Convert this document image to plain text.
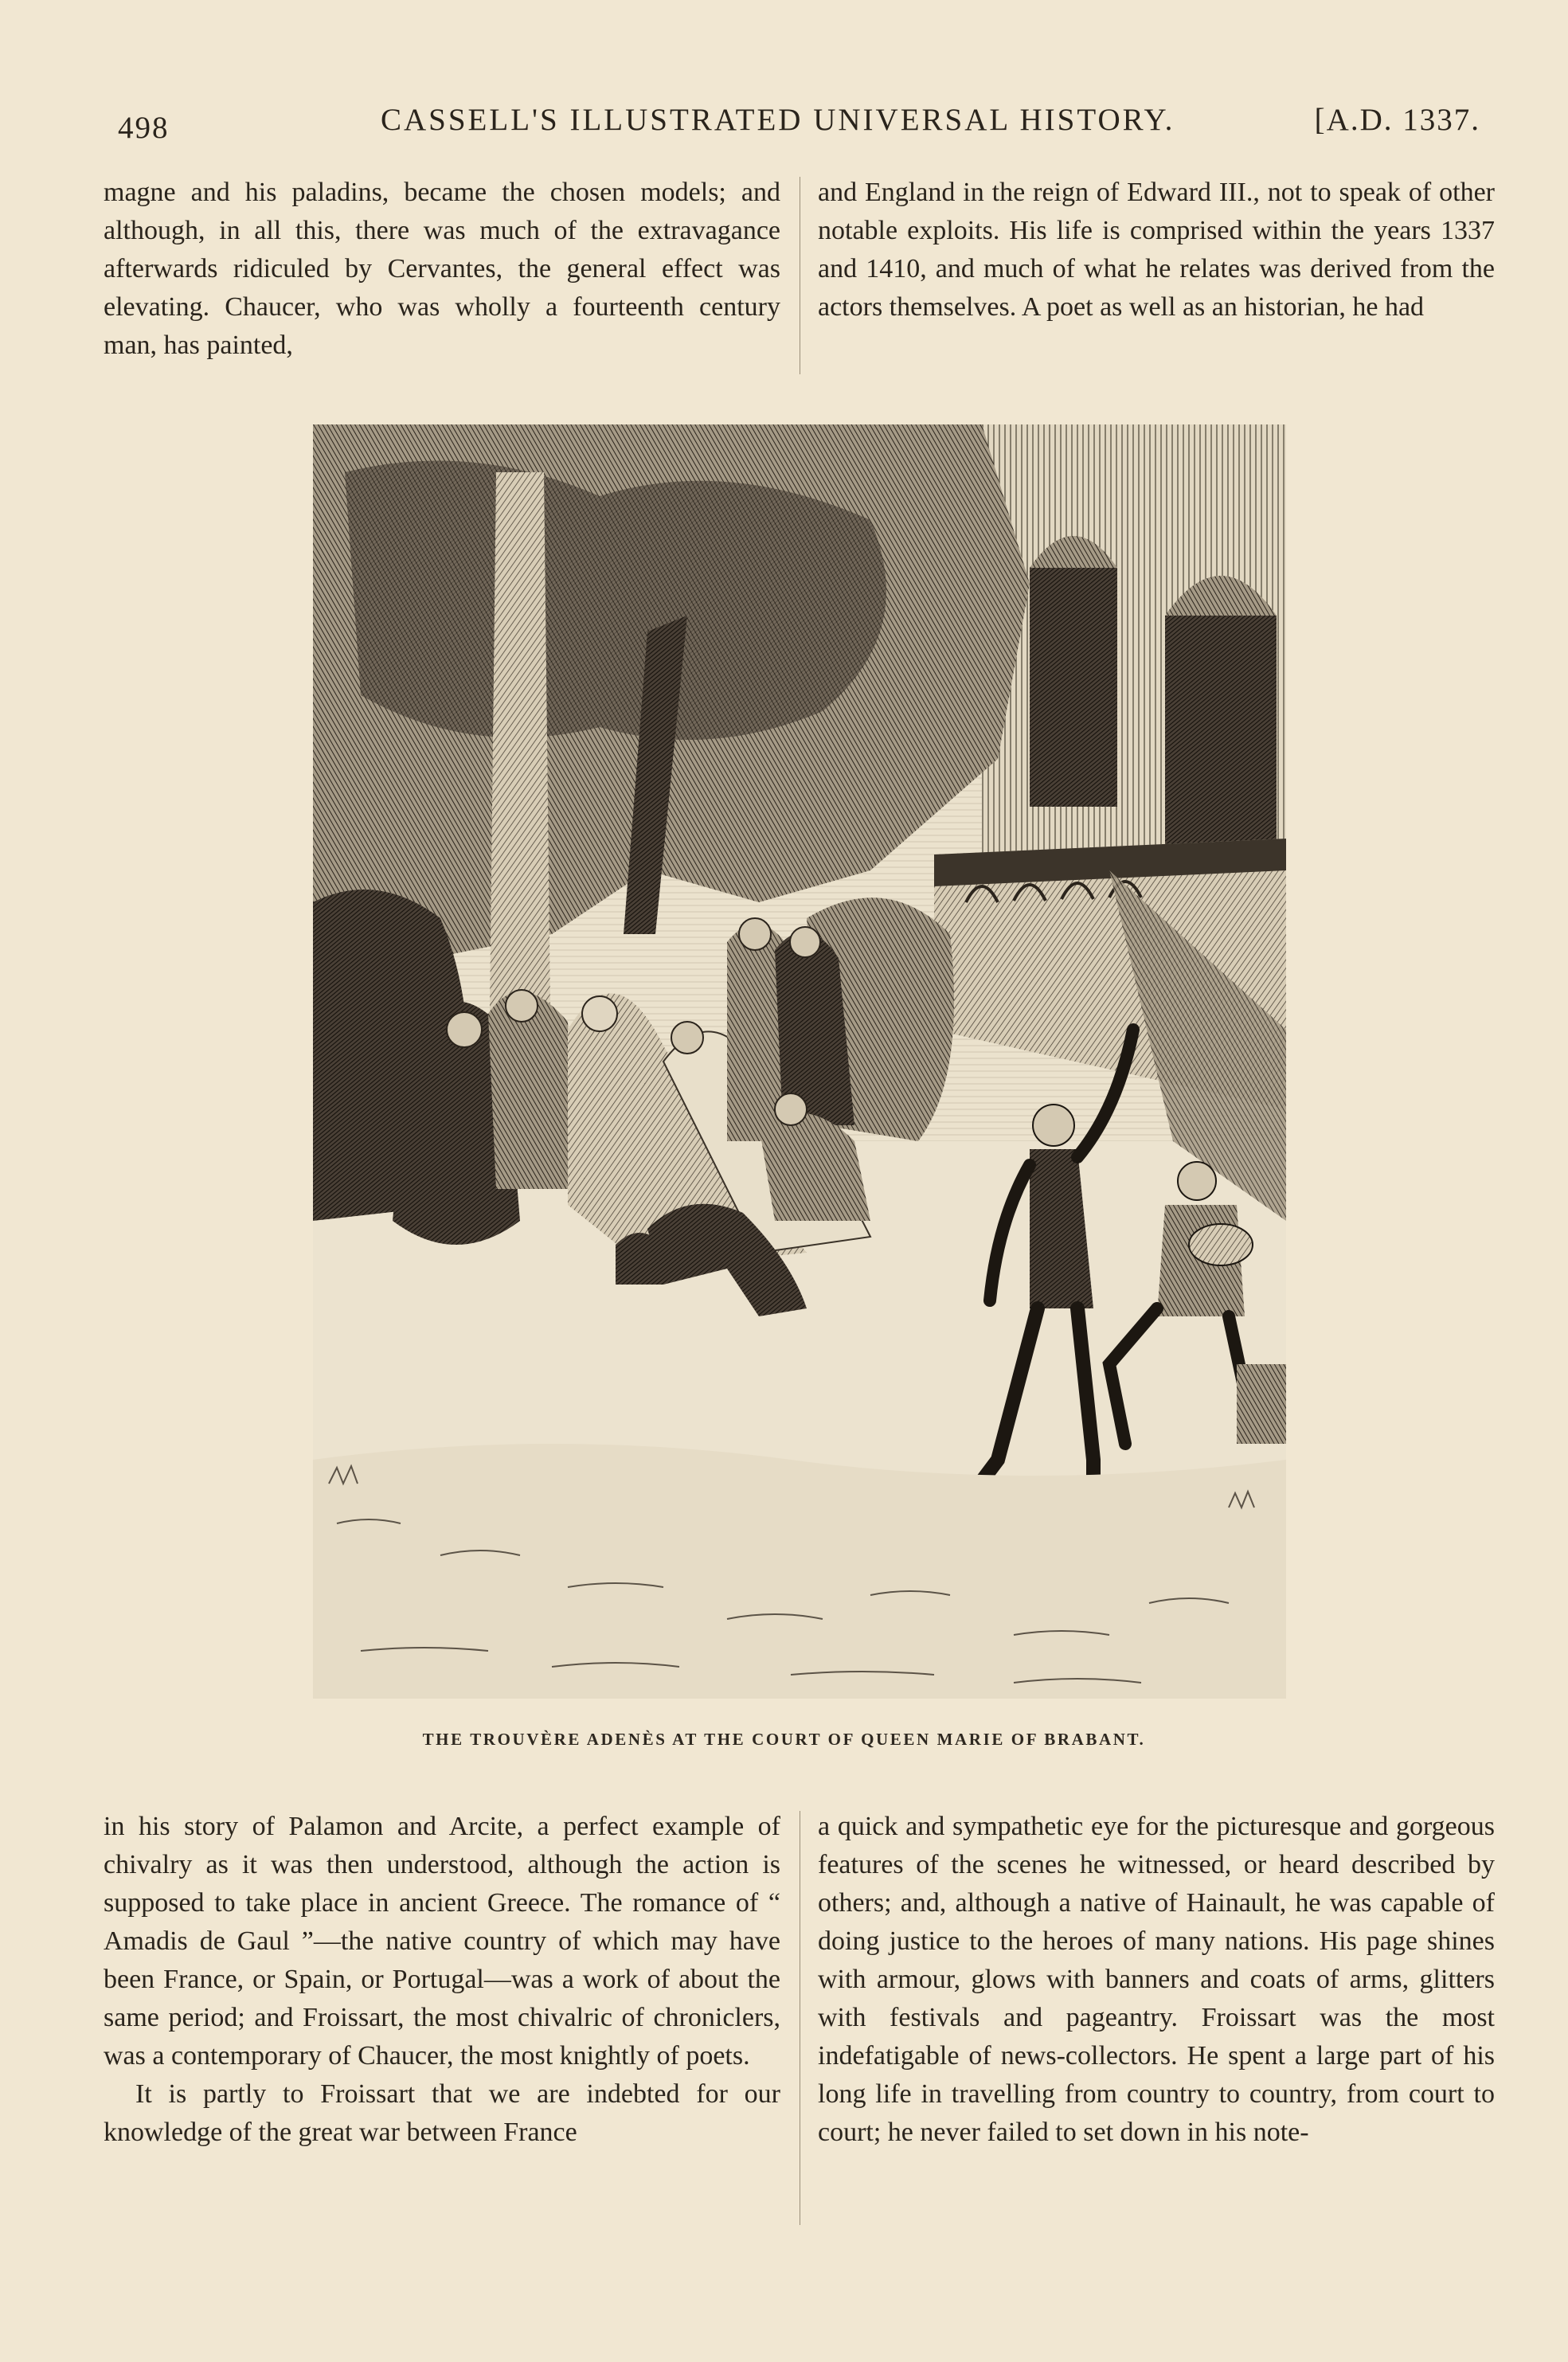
498	CASSELL'S ILLUSTRATED UNIVERSAL HISTORY.	[A.D. 1337.

magne and his paladins, became the chosen models; and although, in all this, there was much of the extravagance afterwards ridiculed by Cervantes, the general effect was elevating. Chaucer, who was wholly a fourteenth century man, has painted,

and England in the reign of Edward III., not to speak of other notable exploits. His life is comprised within the years 1337 and 1410, and much of what he relates was derived from the actors themselves. A poet as well as an historian, he had

THE TROUVÈRE ADENÈS AT THE COURT OF QUEEN MARIE OF BRABANT.

in his story of Palamon and Arcite, a perfect example of chivalry as it was then understood, although the action is supposed to take place in ancient Greece. The romance of “ Amadis de Gaul ”—the native country of which may have been France, or Spain, or Portugal—was a work of about the same period; and Froissart, the most chivalric of chroniclers, was a contemporary of Chaucer, the most knightly of poets.

It is partly to Froissart that we are indebted for our knowledge of the great war between France

a quick and sympathetic eye for the picturesque and gorgeous features of the scenes he witnessed, or heard described by others; and, although a native of Hainault, he was capable of doing justice to the heroes of many nations. His page shines with armour, glows with banners and coats of arms, glitters with festivals and pageantry. Froissart was the most indefatigable of news-collectors. He spent a large part of his long life in travelling from country to country, from court to court; he never failed to set down in his note-
